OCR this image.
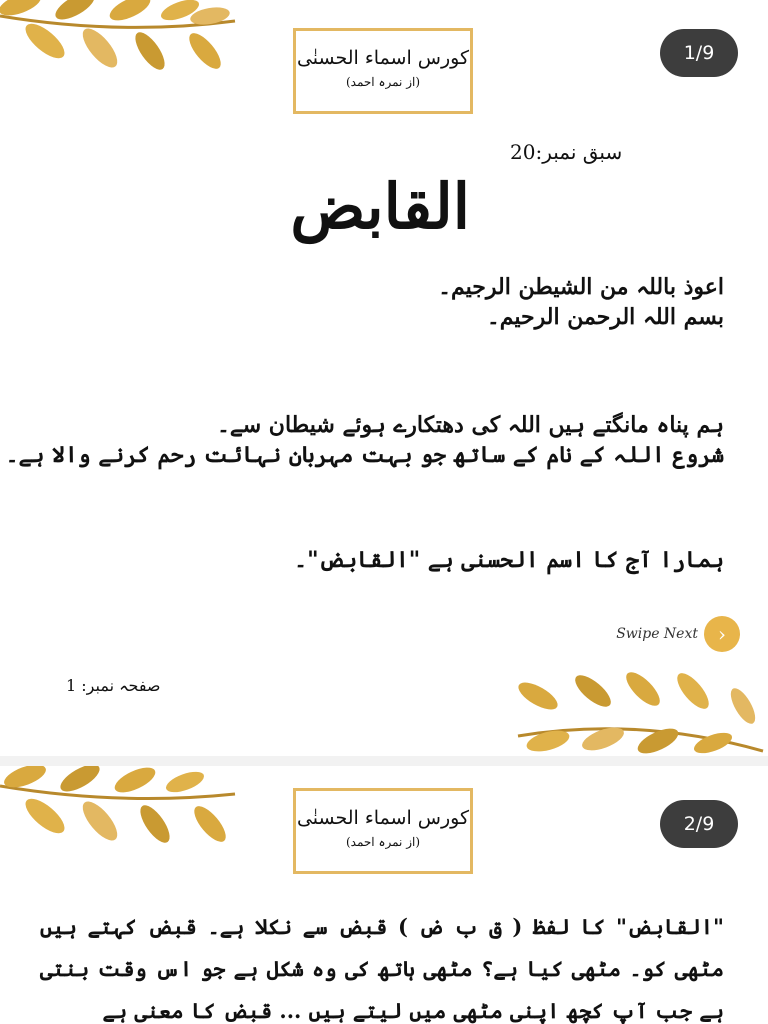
کورس اسماء الحسنٰی
(از نمرہ احمد)
1/9
سبق نمبر:20
القابض
اعوذ باللہ من الشیطن الرجیم۔
بسم اللہ الرحمن الرحیم۔
ہم پناہ مانگتے ہیں اللہ کی دھتکارے ہوئے شیطان سے۔
شروع اللہ کے نام کے ساتھ جو بہت مہربان نہائت رحم کرنے والا ہے۔
ہمارا آج کا اسم الحسنی ہے "القابض"۔
Swipe Next	›
صفحہ نمبر: 1
کورس اسماء الحسنٰی
(از نمرہ احمد)
2/9
"القابض" کا لفظ ( ق ب ض ) قبض سے نکلا ہے۔ قبض کہتے ہیں مٹھی کو۔ مٹھی کیا ہے؟ مٹھی ہاتھ کی وہ شکل ہے جو اس وقت بنتی ہے جب آپ کچھ اپنی مٹھی میں لیتے ہیں ... قبض کا معنی ہے
